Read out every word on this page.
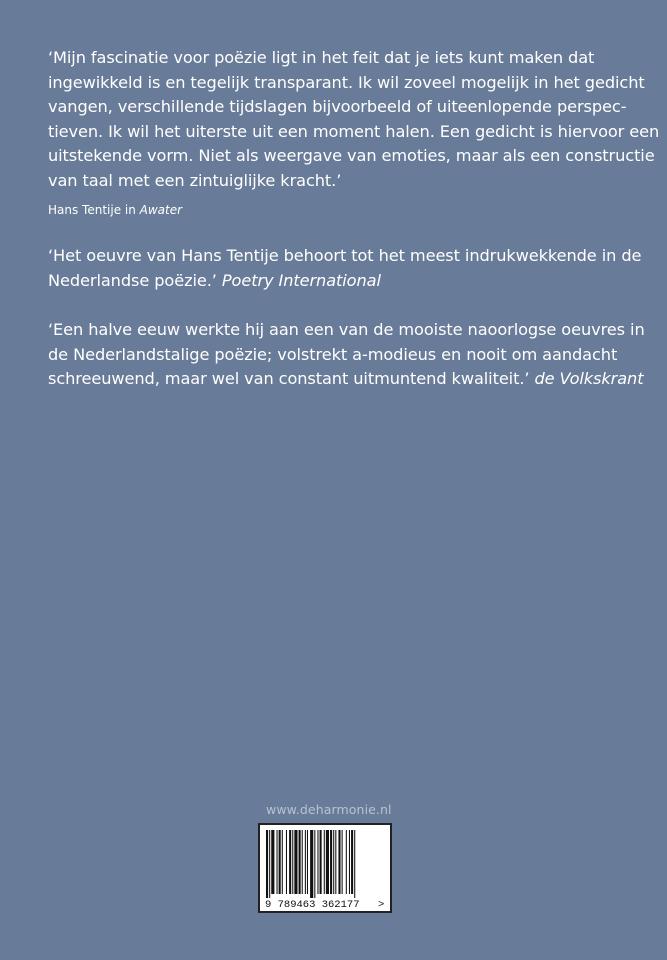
‘Mijn fascinatie voor poëzie ligt in het feit dat je iets kunt maken dat

ingewikkeld is en tegelijk transparant. Ik wil zoveel mogelijk in het gedicht

vangen, verschillende tijdslagen bijvoorbeeld of uiteenlopende perspec-

tieven. Ik wil het uiterste uit een moment halen. Een gedicht is hiervoor een

uitstekende vorm. Niet als weergave van emoties, maar als een constructie

van taal met een zintuiglijke kracht.’

Hans Tentije in Awater

‘Het oeuvre van Hans Tentije behoort tot het meest indrukwekkende in de

Nederlandse poëzie.’ Poetry International

‘Een halve eeuw werkte hij aan een van de mooiste naoorlogse oeuvres in

de Nederlandstalige poëzie; volstrekt a-modieus en nooit om aandacht

schreeuwend, maar wel van constant uitmuntend kwaliteit.’ de Volkskrant

www.deharmonie.nl
9 789463 362177 >
